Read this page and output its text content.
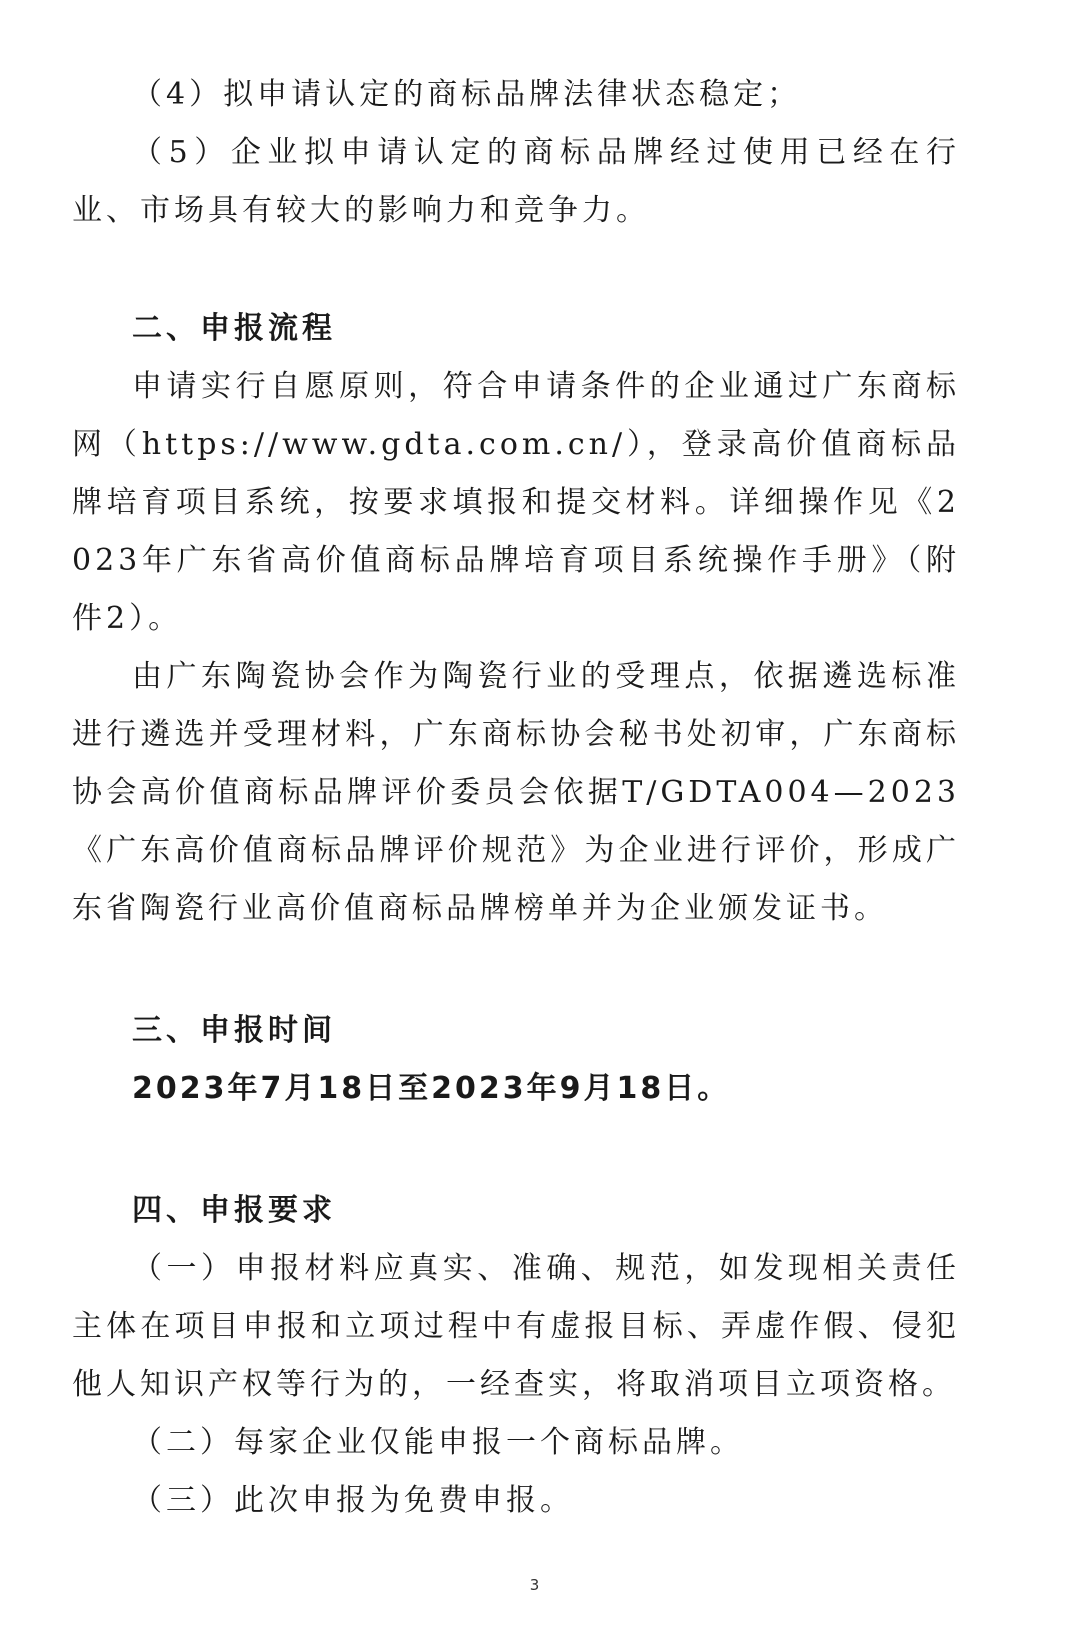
（4）拟申请认定的商标品牌法律状态稳定；

（5）企业拟申请认定的商标品牌经过使用已经在行业、市场具有较大的影响力和竞争力。

二、申报流程

申请实行自愿原则，符合申请条件的企业通过广东商标网（https://www.gdta.com.cn/），登录高价值商标品牌培育项目系统，按要求填报和提交材料。详细操作见《2023年广东省高价值商标品牌培育项目系统操作手册》（附件2）。

由广东陶瓷协会作为陶瓷行业的受理点，依据遴选标准进行遴选并受理材料，广东商标协会秘书处初审，广东商标协会高价值商标品牌评价委员会依据T/GDTA004—2023《广东高价值商标品牌评价规范》为企业进行评价，形成广东省陶瓷行业高价值商标品牌榜单并为企业颁发证书。

三、申报时间

2023年7月18日至2023年9月18日。

四、申报要求

（一）申报材料应真实、准确、规范，如发现相关责任主体在项目申报和立项过程中有虚报目标、弄虚作假、侵犯他人知识产权等行为的，一经查实，将取消项目立项资格。

（二）每家企业仅能申报一个商标品牌。

（三）此次申报为免费申报。

3
